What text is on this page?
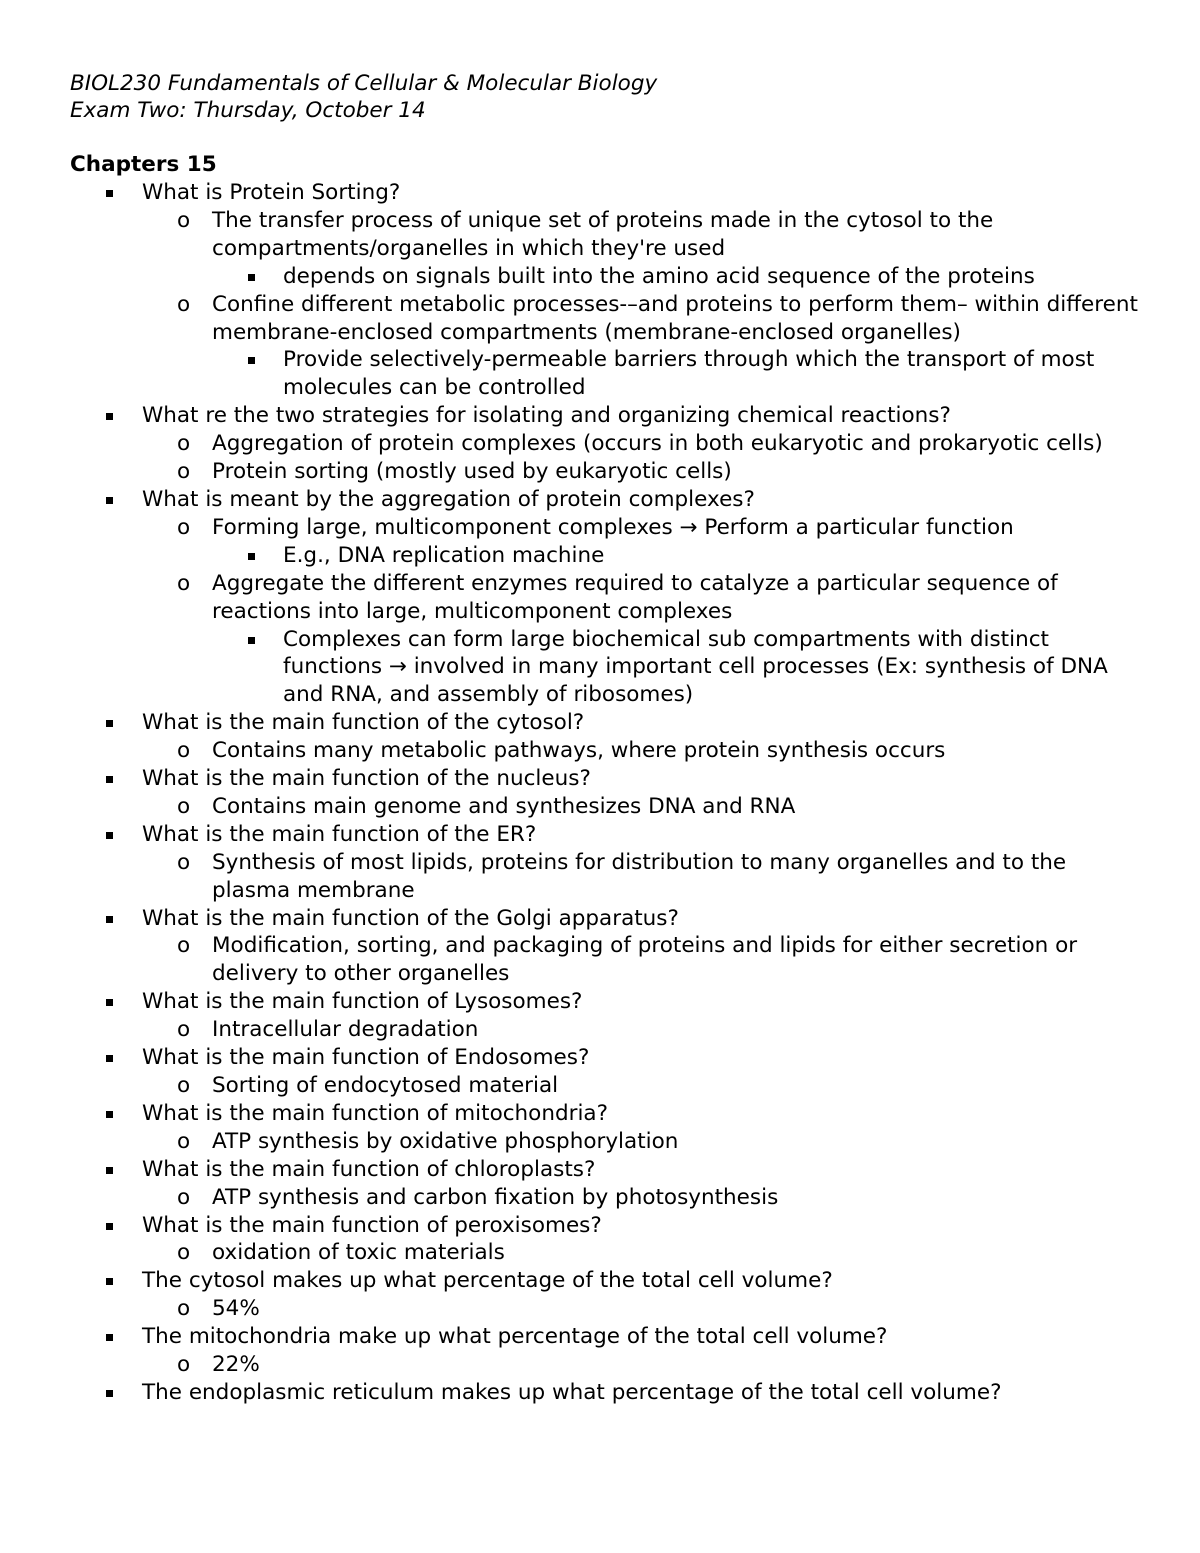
BIOL230 Fundamentals of Cellular & Molecular Biology

Exam Two: Thursday, October 14

Chapters 15

What is Protein Sorting?

o The transfer process of unique set of proteins made in the cytosol to the compartments/organelles in which they're used

depends on signals built into the amino acid sequence of the proteins

o Confine different metabolic processes-–and proteins to perform them– within different membrane-enclosed compartments (membrane-enclosed organelles)

Provide selectively-permeable barriers through which the transport of most molecules can be controlled

What re the two strategies for isolating and organizing chemical reactions?

o Aggregation of protein complexes (occurs in both eukaryotic and prokaryotic cells)

o Protein sorting (mostly used by eukaryotic cells)

What is meant by the aggregation of protein complexes?

o Forming large, multicomponent complexes → Perform a particular function

E.g., DNA replication machine

o Aggregate the different enzymes required to catalyze a particular sequence of reactions into large, multicomponent complexes

Complexes can form large biochemical sub compartments with distinct functions → involved in many important cell processes (Ex: synthesis of DNA and RNA, and assembly of ribosomes)

What is the main function of the cytosol?

o Contains many metabolic pathways, where protein synthesis occurs

What is the main function of the nucleus?

o Contains main genome and synthesizes DNA and RNA

What is the main function of the ER?

o Synthesis of most lipids, proteins for distribution to many organelles and to the plasma membrane

What is the main function of the Golgi apparatus?

o Modification, sorting, and packaging of proteins and lipids for either secretion or delivery to other organelles

What is the main function of Lysosomes?

o Intracellular degradation

What is the main function of Endosomes?

o Sorting of endocytosed material

What is the main function of mitochondria?

o ATP synthesis by oxidative phosphorylation

What is the main function of chloroplasts?

o ATP synthesis and carbon fixation by photosynthesis

What is the main function of peroxisomes?

o oxidation of toxic materials

The cytosol makes up what percentage of the total cell volume?

o 54%

The mitochondria make up what percentage of the total cell volume?

o 22%

The endoplasmic reticulum makes up what percentage of the total cell volume?
